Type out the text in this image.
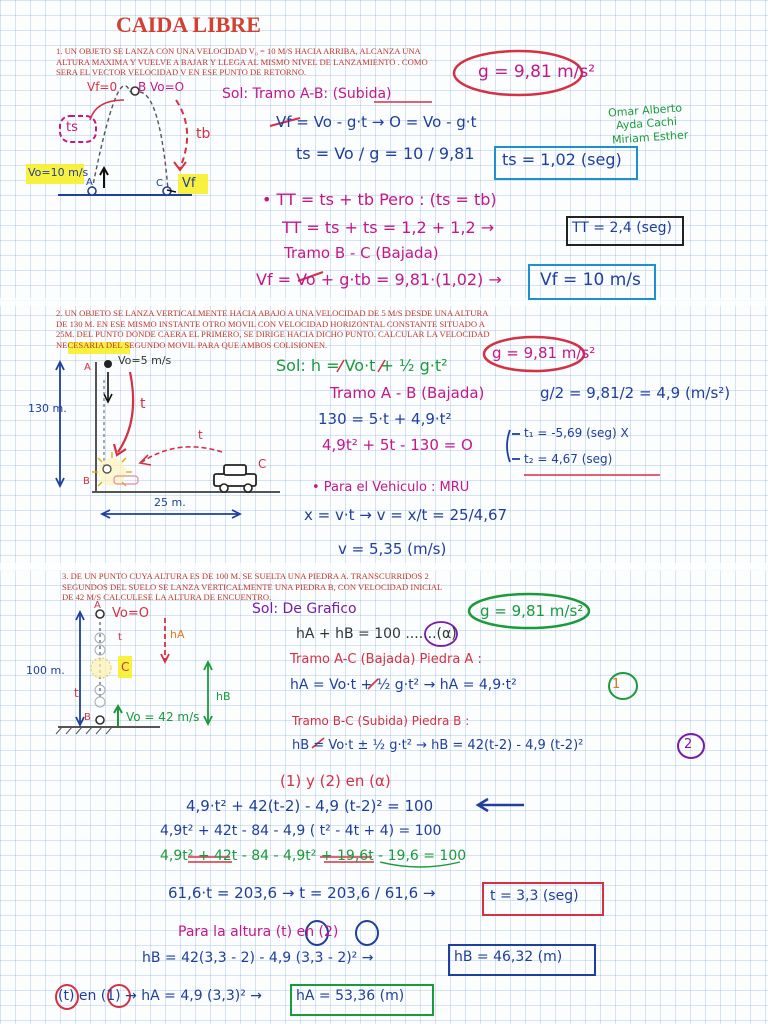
CAIDA LIBRE
1. UN OBJETO SE LANZA CON UNA VELOCIDAD V₀ = 10 M/S HACIA ARRIBA, ALCANZA UNA ALTURA MAXIMA Y VUELVE A BAJAR Y LLEGA AL MISMO NIVEL DE LANZAMIENTO . COMO SERA EL VECTOR VELOCIDAD V EN ESE PUNTO DE RETORNO.
Vf=0 B Vo=O
ts	tb
Vo=10 m/s
A	C Vf
g = 9,81 m/s²
Omar Alberto
Ayda Cachi
Miriam Esther
Sol: Tramo A-B: (Subida)
Vf = Vo - g·t → O = Vo - g·t
ts = Vo / g = 10 / 9,81 ts = 1,02 (seg)
• TT = ts + tb Pero : (ts = tb)
TT = ts + ts = 1,2 + 1,2 →	TT = 2,4 (seg)
Tramo B - C (Bajada)
Vf = Vo + g·tb = 9,81·(1,02) → Vf = 10 m/s
2. UN OBJETO SE LANZA VERTICALMENTE HACIA ABAJO A UNA VELOCIDAD DE 5 M/S DESDE UNA ALTURA DE 130 M. EN ESE MISMO INSTANTE OTRO MOVIL CON VELOCIDAD HORIZONTAL CONSTANTE SITUADO A 25M. DEL PUNTO DONDE CAERA EL PRIMERO, SE DIRIGE HACIA DICHO PUNTO. CALCULAR LA VELOCIDAD NECESARIA DEL SEGUNDO MOVIL PARA QUE AMBOS COLISIONEN.
A
Vo=5 m/s
130 m.	t
t
B
C
25 m.
g = 9,81 m/s²
Sol: h = Vo·t + ½ g·t²
Tramo A - B (Bajada)	g/2 = 9,81/2 = 4,9 (m/s²)
130 = 5·t + 4,9·t²
4,9t² + 5t - 130 = O
t₁ = -5,69 (seg) X
t₂ = 4,67 (seg)
• Para el Vehiculo : MRU
x = v·t → v = x/t = 25/4,67
v = 5,35 (m/s)
3. DE UN PUNTO CUYA ALTURA ES DE 100 M. SE SUELTA UNA PIEDRA A. TRANSCURRIDOS 2 SEGUNDOS DEL SUELO SE LANZA VERTICALMENTE UNA PIEDRA B, CON VELOCIDAD INICIAL DE 42 M/S CALCULESE LA ALTURA DE ENCUENTRO.
A
Vo=O
t	hA
100 m.	C
hB
t
B	Vo = 42 m/s
g = 9,81 m/s²
Sol: De Grafico
hA + hB = 100 .......(α)
Tramo A-C (Bajada) Piedra A :
hA = Vo·t + ½ g·t² → hA = 4,9·t²	1
Tramo B-C (Subida) Piedra B :
hB = Vo·t ± ½ g·t² → hB = 42(t-2) - 4,9 (t-2)²	2
(1) y (2) en (α)
4,9·t² + 42(t-2) - 4,9 (t-2)² = 100
4,9t² + 42t - 84 - 4,9 ( t² - 4t + 4) = 100
4,9t² + 42t - 84 - 4,9t² + 19,6t - 19,6 = 100
61,6·t = 203,6 → t = 203,6 / 61,6 →	t = 3,3 (seg)
Para la altura (t) en (2)
hB = 42(3,3 - 2) - 4,9 (3,3 - 2)² →	hB = 46,32 (m)
(t) en (1) → hA = 4,9 (3,3)² → hA = 53,36 (m)
